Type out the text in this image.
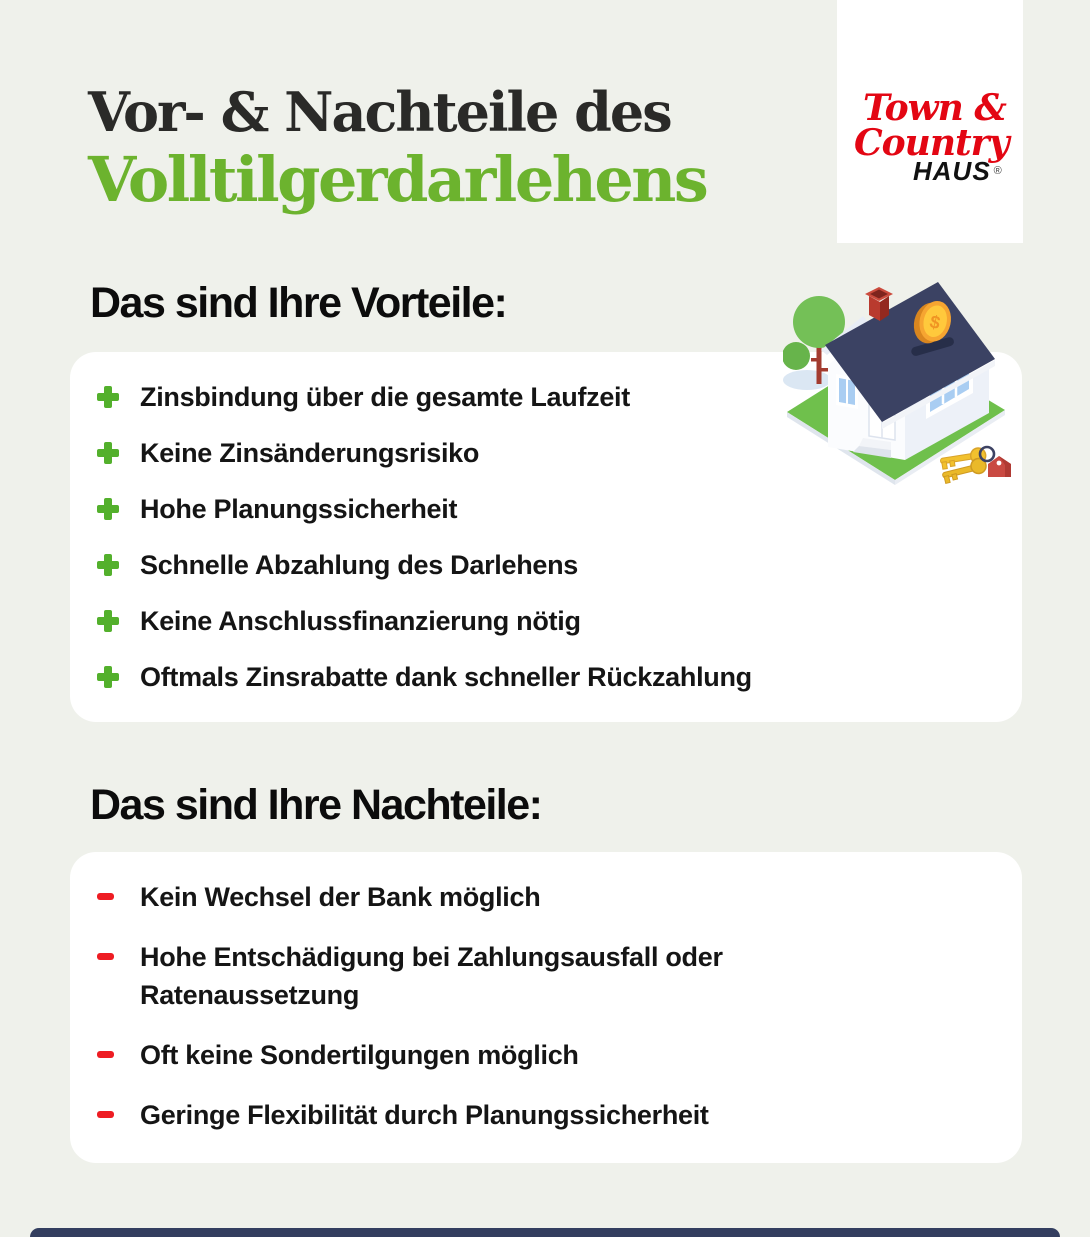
Vor- & Nachteile des
Volltilgerdarlehens
Town &
Country
HAUS ®
Das sind Ihre Vorteile:
Zinsbindung über die gesamte Laufzeit
Keine Zinsänderungsrisiko
Hohe Planungssicherheit
Schnelle Abzahlung des Darlehens
Keine Anschlussfinanzierung nötig
Oftmals Zinsrabatte dank schneller Rückzahlung
Das sind Ihre Nachteile:
Kein Wechsel der Bank möglich
Hohe Entschädigung bei Zahlungsausfall oder Ratenaussetzung
Oft keine Sondertilgungen möglich
Geringe Flexibilität durch Planungssicherheit
$
